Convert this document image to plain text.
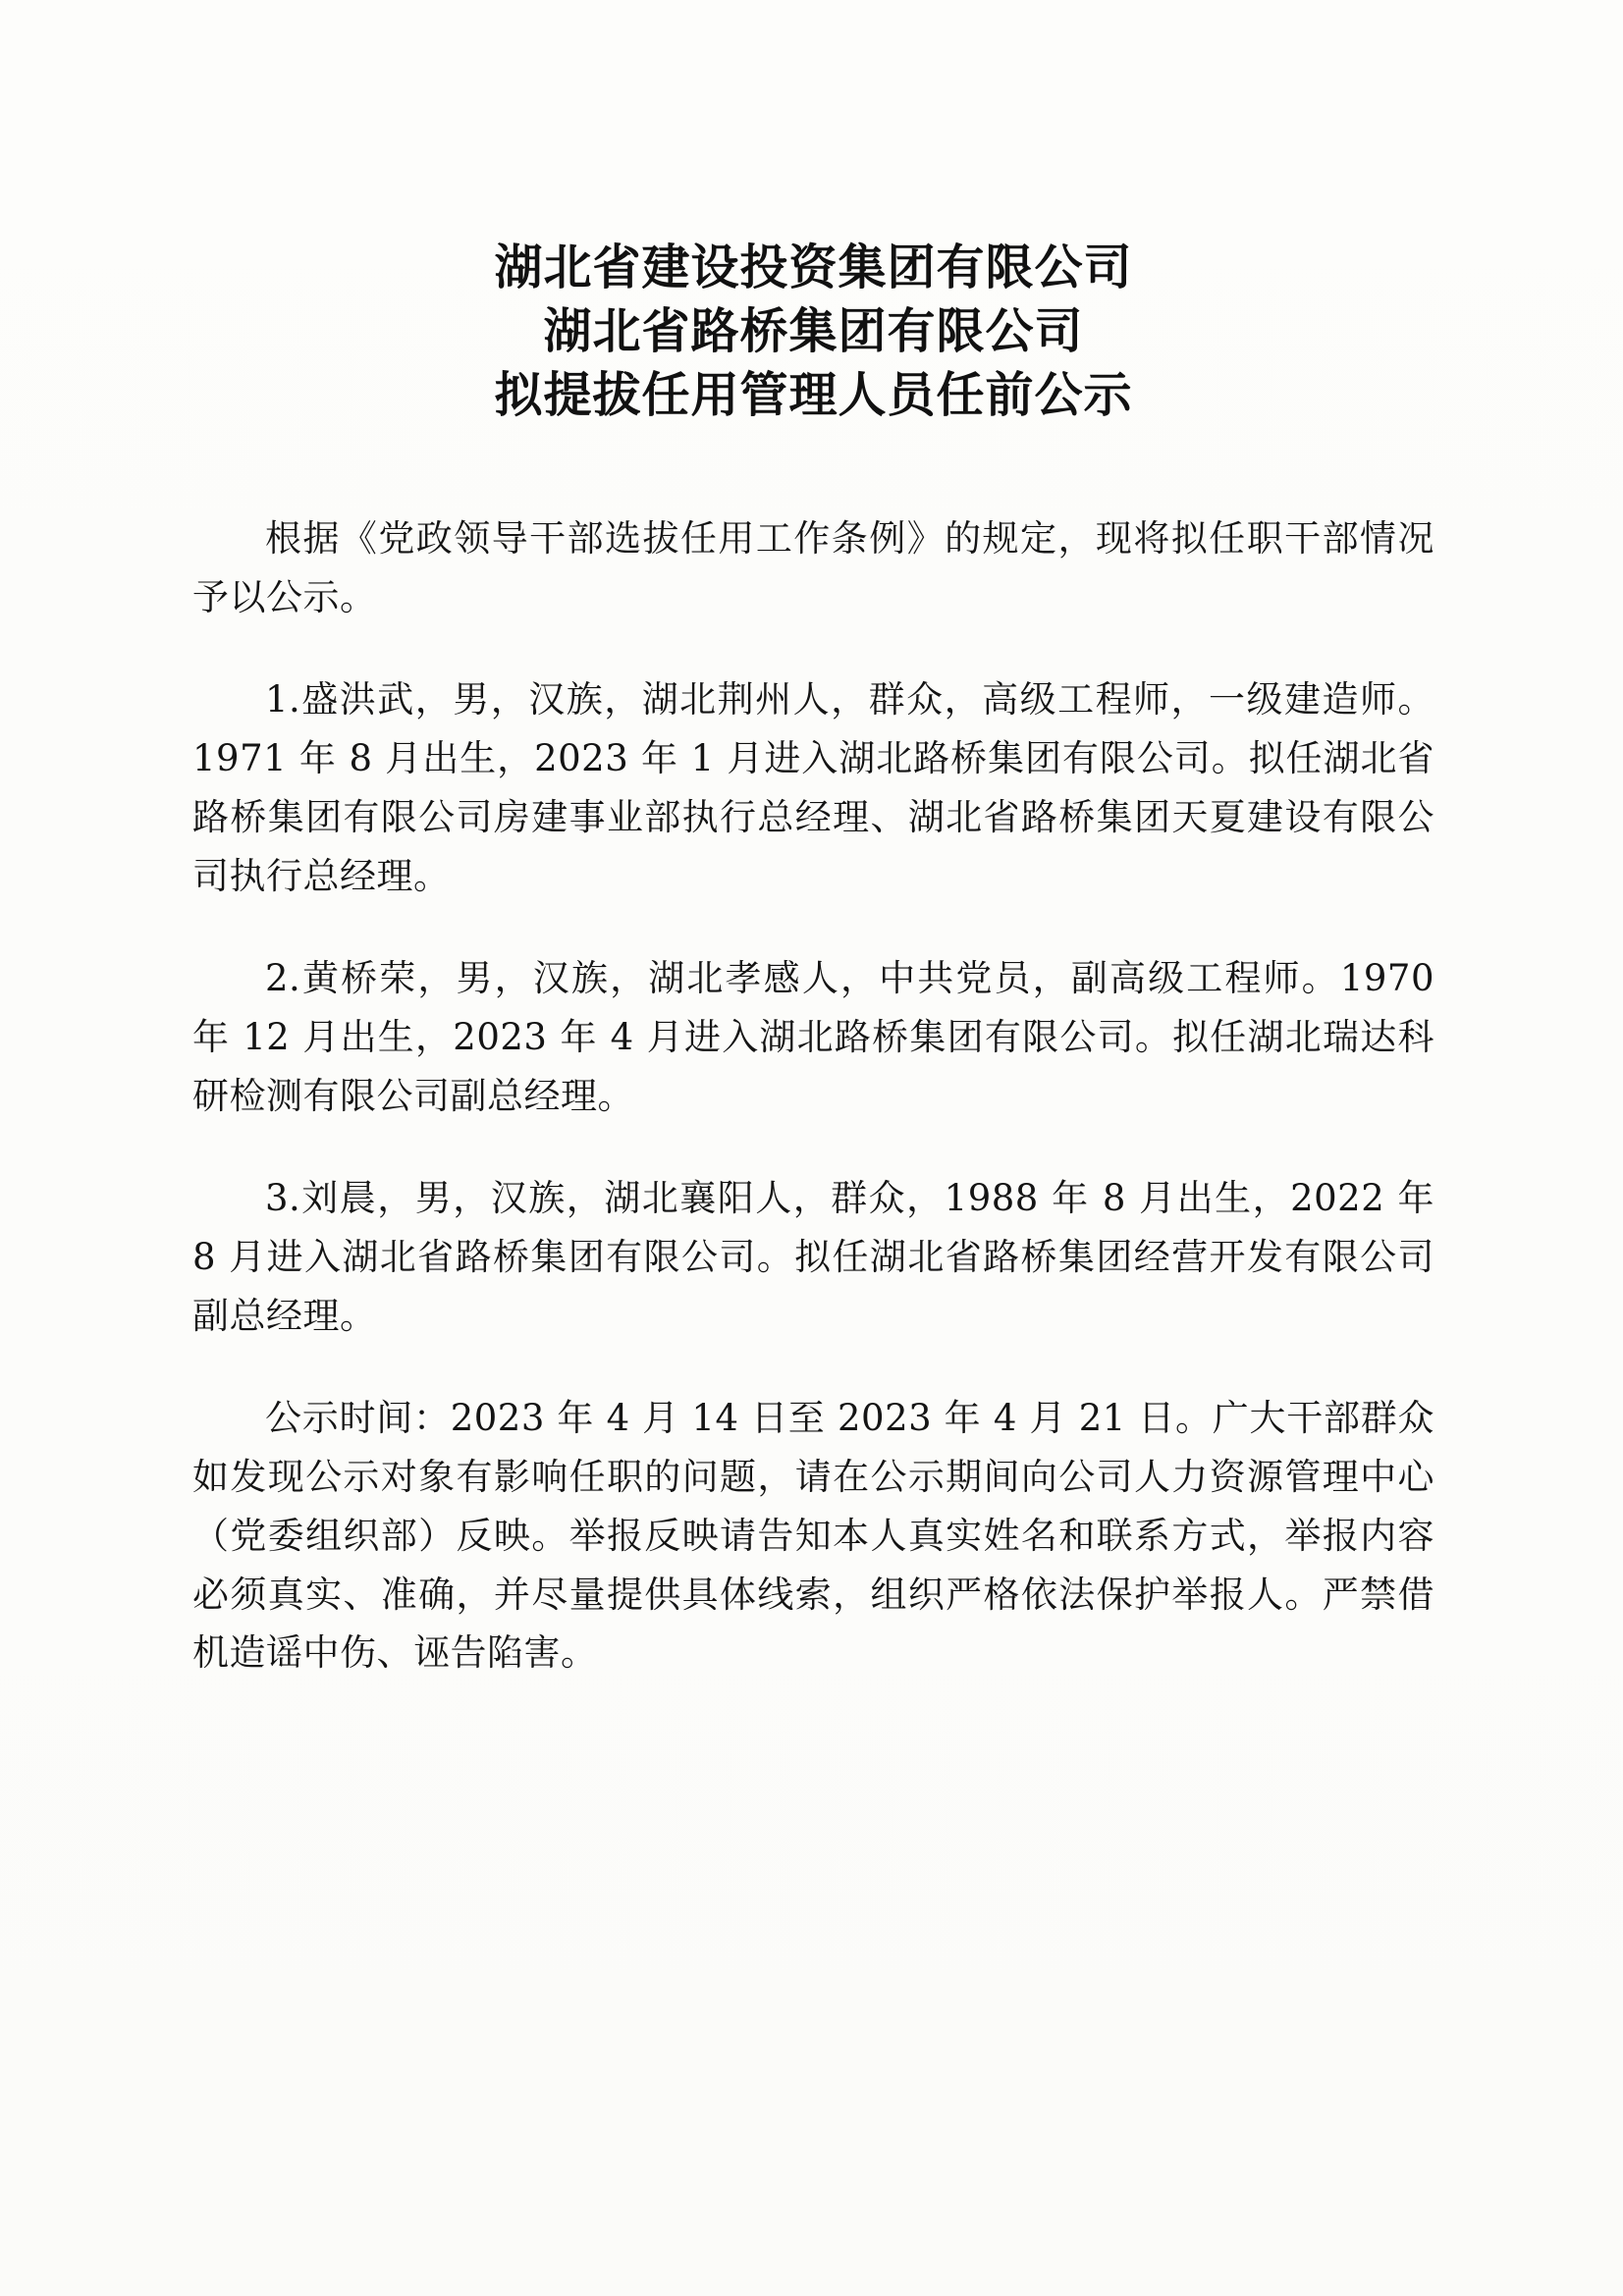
湖北省建设投资集团有限公司
湖北省路桥集团有限公司
拟提拔任用管理人员任前公示

根据《党政领导干部选拔任用工作条例》的规定，现将拟任职干部情况予以公示。

1.盛洪武，男，汉族，湖北荆州人，群众，高级工程师，一级建造师。1971 年 8 月出生，2023 年 1 月进入湖北路桥集团有限公司。拟任湖北省路桥集团有限公司房建事业部执行总经理、湖北省路桥集团天夏建设有限公司执行总经理。

2.黄桥荣，男，汉族，湖北孝感人，中共党员，副高级工程师。1970 年 12 月出生，2023 年 4 月进入湖北路桥集团有限公司。拟任湖北瑞达科研检测有限公司副总经理。

3.刘晨，男，汉族，湖北襄阳人，群众，1988 年 8 月出生，2022 年 8 月进入湖北省路桥集团有限公司。拟任湖北省路桥集团经营开发有限公司副总经理。

公示时间：2023 年 4 月 14 日至 2023 年 4 月 21 日。广大干部群众如发现公示对象有影响任职的问题，请在公示期间向公司人力资源管理中心（党委组织部）反映。举报反映请告知本人真实姓名和联系方式，举报内容必须真实、准确，并尽量提供具体线索，组织严格依法保护举报人。严禁借机造谣中伤、诬告陷害。
